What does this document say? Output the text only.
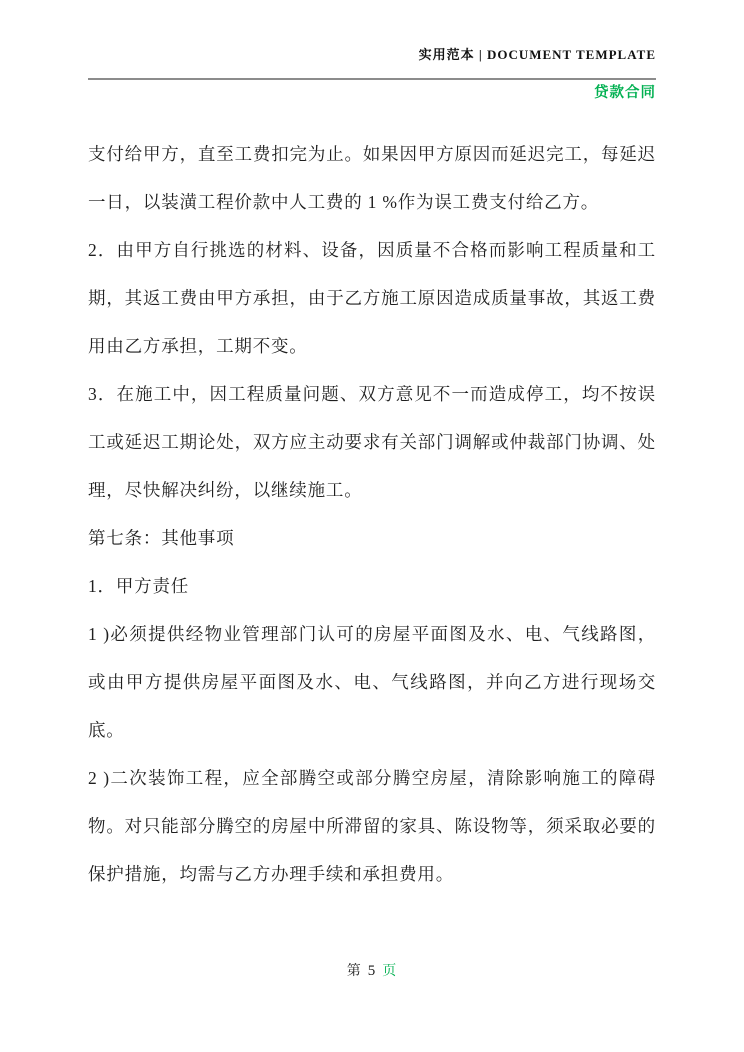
实用范本 | DOCUMENT TEMPLATE
贷款合同

支付给甲方，直至工费扣完为止。如果因甲方原因而延迟完工，每延迟一日，以装潢工程价款中人工费的 1 %作为误工费支付给乙方。

2．由甲方自行挑选的材料、设备，因质量不合格而影响工程质量和工期，其返工费由甲方承担，由于乙方施工原因造成质量事故，其返工费用由乙方承担，工期不变。

3．在施工中，因工程质量问题、双方意见不一而造成停工，均不按误工或延迟工期论处，双方应主动要求有关部门调解或仲裁部门协调、处理，尽快解决纠纷，以继续施工。

第七条：其他事项

1．甲方责任

1 )必须提供经物业管理部门认可的房屋平面图及水、电、气线路图，或由甲方提供房屋平面图及水、电、气线路图，并向乙方进行现场交底。

2 )二次装饰工程，应全部腾空或部分腾空房屋，清除影响施工的障碍物。对只能部分腾空的房屋中所滞留的家具、陈设物等，须采取必要的保护措施，均需与乙方办理手续和承担费用。

第 5 页
